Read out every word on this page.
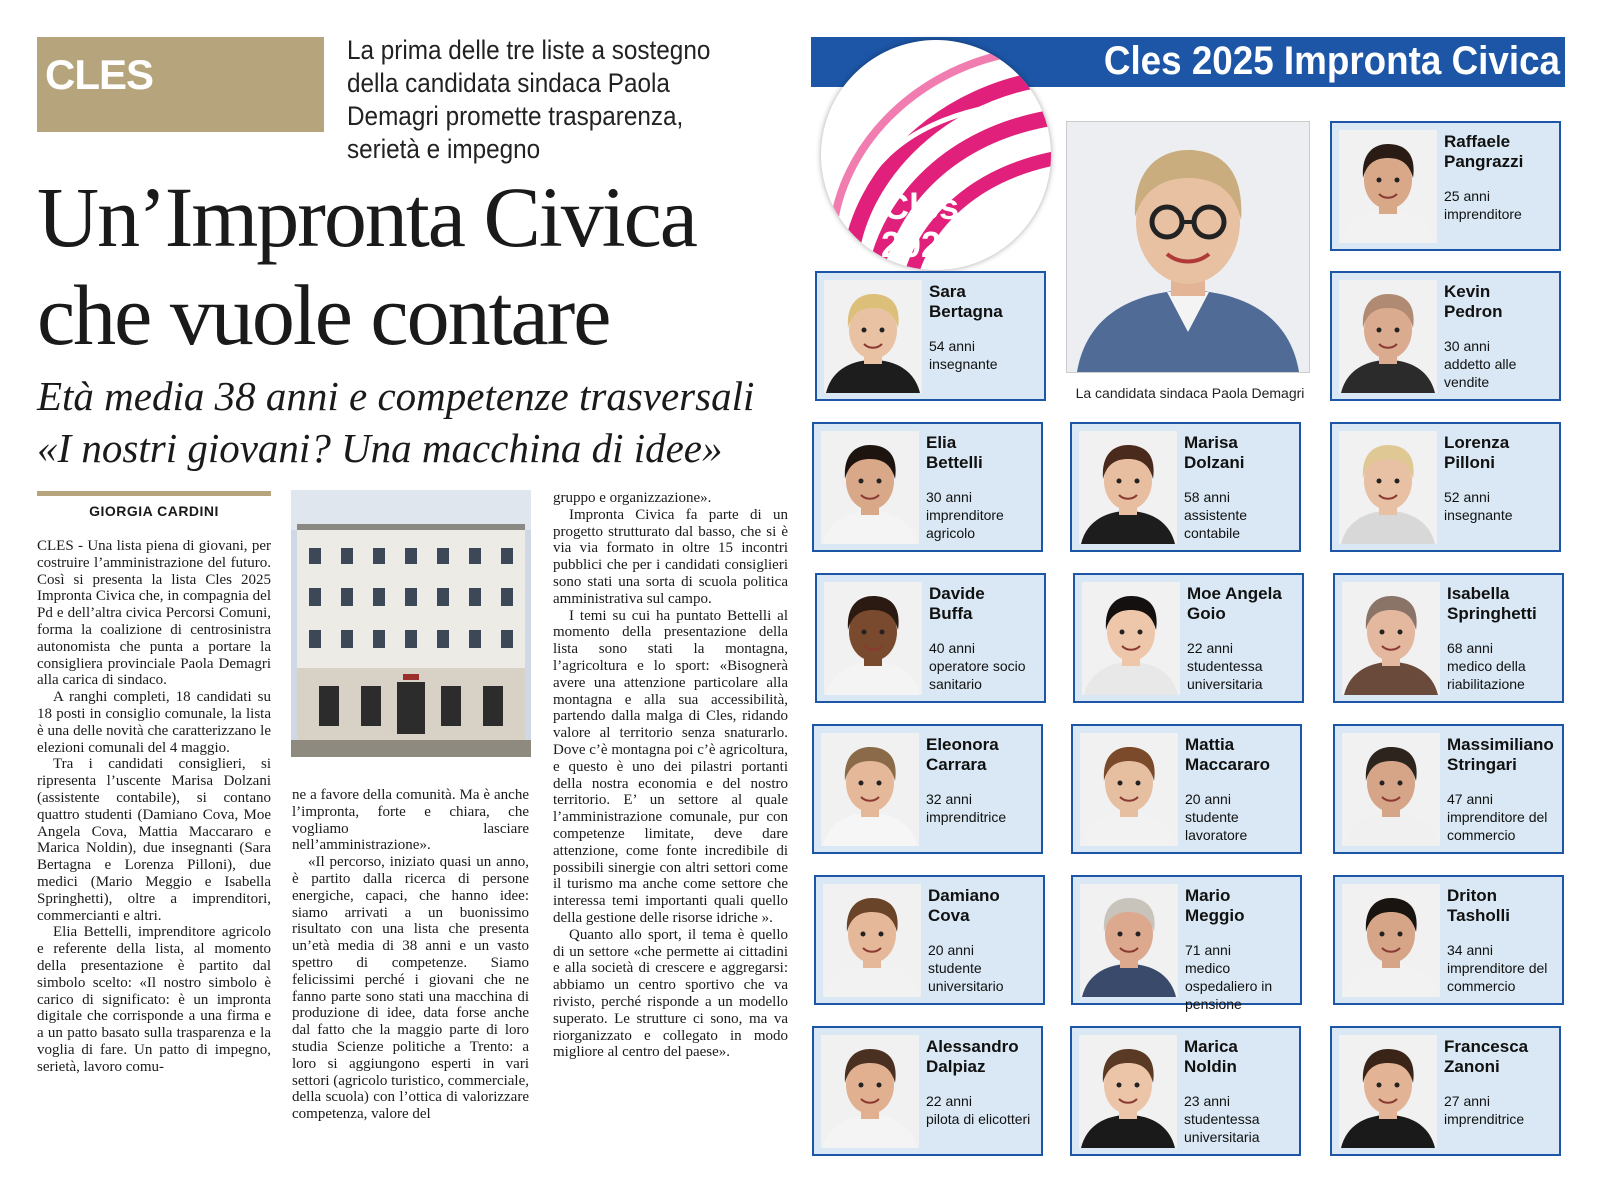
CLES
La prima delle tre liste a sostegno della candidata sindaca Paola Demagri promette trasparenza, serietà e impegno
Un’Impronta Civica
che vuole contare
Età media 38 anni e competenze trasversali
«I nostri giovani? Una macchina di idee»
GIORGIA CARDINI

CLES - Una lista piena di giovani, per costruire l’amministrazione del futuro. Così si presenta la lista Cles 2025 Impronta Civica che, in compagnia del Pd e dell’altra civica Percorsi Comuni, forma la coalizione di centrosinistra autonomista che punta a portare la consigliera provinciale Paola Demagri alla carica di sindaco.

A ranghi completi, 18 candidati su 18 posti in consiglio comunale, la lista è una delle novità che caratterizzano le elezioni comunali del 4 maggio.

Tra i candidati consiglieri, si ripresenta l’uscente Marisa Dolzani (assistente contabile), si contano quattro studenti (Damiano Cova, Moe Angela Cova, Mattia Maccararo e Marica Noldin), due insegnanti (Sara Bertagna e Lorenza Pilloni), due medici (Mario Meggio e Isabella Springhetti), oltre a imprenditori, commercianti e altri.

Elia Bettelli, imprenditore agricolo e referente della lista, al momento della presentazione è partito dal simbolo scelto: «Il nostro simbolo è carico di significato: è un impronta digitale che corrisponde a una firma e a un patto basato sulla trasparenza e la voglia di fare. Un patto di impegno, serietà, lavoro comu-

ne a favore della comunità. Ma è anche l’impronta, forte e chiara, che vogliamo lasciare nell’amministrazione».

«Il percorso, iniziato quasi un anno, è partito dalla ricerca di persone energiche, capaci, che hanno idee: siamo arrivati a un buonissimo risultato con una lista che presenta un’età media di 38 anni e un vasto spettro di competenze. Siamo felicissimi perché i giovani che ne fanno parte sono stati una macchina di produzione di idee, data forse anche dal fatto che la maggio parte di loro studia Scienze politiche a Trento: a loro si aggiungono esperti in vari settori (agricolo turistico, commerciale, della scuola) con l’ottica di valorizzare competenza, valore del

gruppo e organizzazione».

Impronta Civica fa parte di un progetto strutturato dal basso, che si è via via formato in oltre 15 incontri pubblici che per i candidati consiglieri sono stati una sorta di scuola politica amministrativa sul campo.

I temi su cui ha puntato Bettelli al momento della presentazione della lista sono stati la montagna, l’agricoltura e lo sport: «Bisognerà avere una attenzione particolare alla montagna e alla sua accessibilità, partendo dalla malga di Cles, ridando valore al territorio senza snaturarlo. Dove c’è montagna poi c’è agricoltura, e questo è uno dei pilastri portanti della nostra economia e del nostro territorio. E’ un settore al quale l’amministrazione comunale, pur con competenze limitate, deve dare attenzione, come fonte incredibile di possibili sinergie con altri settori come il turismo ma anche come settore che interessa temi importanti quali quello della gestione delle risorse idriche ».

Quanto allo sport, il tema è quello di un settore «che permette ai cittadini e alla società di crescere e aggregarsi: abbiamo un centro sportivo che va rivisto, perché risponde a un modello superato. Le strutture ci sono, ma va riorganizzato e collegato in modo migliore al centro del paese».

Cles 2025 Impronta Civica
Cles
2025
La candidata sindaca Paola Demagri
Raffaele
Pangrazzi
25 anni
imprenditore
Sara
Bertagna
54 anni
insegnante
Kevin
Pedron
30 anni
addetto alle vendite
Elia
Bettelli
30 anni
imprenditore agricolo
Marisa
Dolzani
58 anni
assistente contabile
Lorenza
Pilloni
52 anni
insegnante
Davide
Buffa
40 anni
operatore socio sanitario
Moe Angela
Goio
22 anni
studentessa universitaria
Isabella
Springhetti
68 anni
medico della riabilitazione
Eleonora
Carrara
32 anni
imprenditrice
Mattia
Maccararo
20 anni
studente lavoratore
Massimiliano
Stringari
47 anni
imprenditore del commercio
Damiano
Cova
20 anni
studente universitario
Mario
Meggio
71 anni
medico ospedaliero in pensione
Driton
Tasholli
34 anni
imprenditore del commercio
Alessandro
Dalpiaz
22 anni
pilota di elicotteri
Marica
Noldin
23 anni
studentessa universitaria
Francesca
Zanoni
27 anni
imprenditrice
